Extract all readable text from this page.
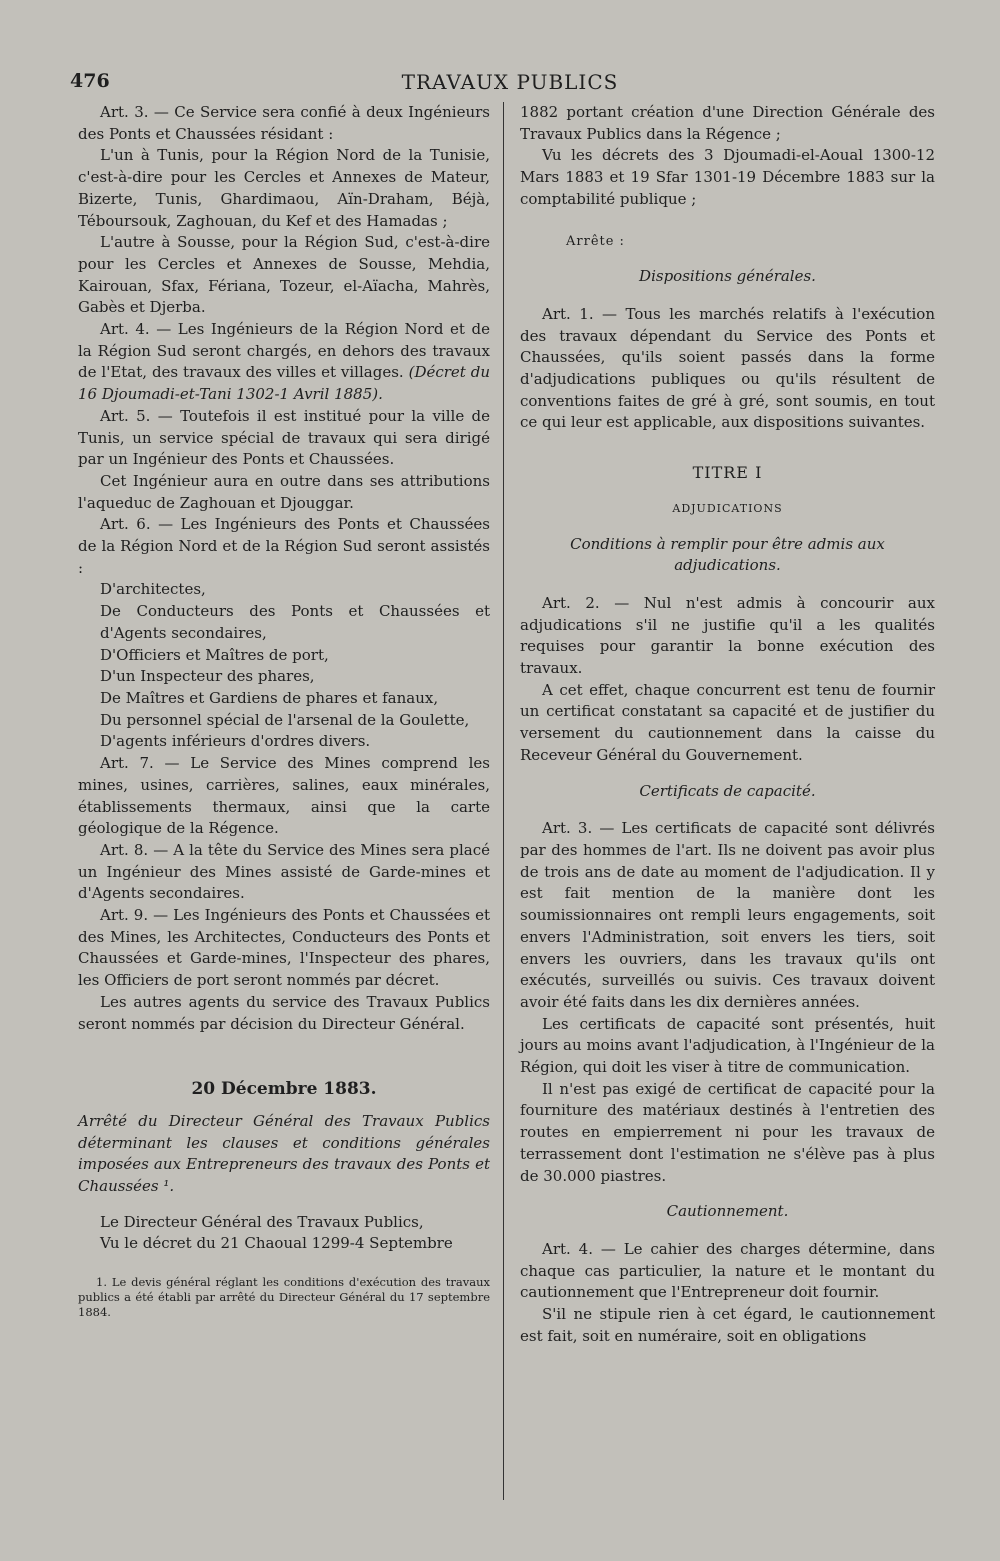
476	TRAVAUX PUBLICS

Art. 3. — Ce Service sera confié à deux Ingénieurs des Ponts et Chaussées résidant :

L'un à Tunis, pour la Région Nord de la Tunisie, c'est-à-dire pour les Cercles et Annexes de Mateur, Bizerte, Tunis, Ghardimaou, Aïn-Draham, Béjà, Téboursouk, Zaghouan, du Kef et des Hamadas ;

L'autre à Sousse, pour la Région Sud, c'est-à-dire pour les Cercles et Annexes de Sousse, Mehdia, Kairouan, Sfax, Fériana, Tozeur, el-Aïacha, Mahrès, Gabès et Djerba.

Art. 4. — Les Ingénieurs de la Région Nord et de la Région Sud seront chargés, en dehors des travaux de l'Etat, des travaux des villes et villages. (Décret du 16 Djoumadi-et-Tani 1302-1 Avril 1885).

Art. 5. — Toutefois il est institué pour la ville de Tunis, un service spécial de travaux qui sera dirigé par un Ingénieur des Ponts et Chaussées.

Cet Ingénieur aura en outre dans ses attributions l'aqueduc de Zaghouan et Djouggar.

Art. 6. — Les Ingénieurs des Ponts et Chaussées de la Région Nord et de la Région Sud seront assistés :

D'architectes,

De Conducteurs des Ponts et Chaussées et d'Agents secondaires,

D'Officiers et Maîtres de port,

D'un Inspecteur des phares,

De Maîtres et Gardiens de phares et fanaux,

Du personnel spécial de l'arsenal de la Goulette,

D'agents inférieurs d'ordres divers.

Art. 7. — Le Service des Mines comprend les mines, usines, carrières, salines, eaux minérales, établissements thermaux, ainsi que la carte géologique de la Régence.

Art. 8. — A la tête du Service des Mines sera placé un Ingénieur des Mines assisté de Garde-mines et d'Agents secondaires.

Art. 9. — Les Ingénieurs des Ponts et Chaussées et des Mines, les Architectes, Conducteurs des Ponts et Chaussées et Garde-mines, l'Inspecteur des phares, les Officiers de port seront nommés par décret.

Les autres agents du service des Travaux Publics seront nommés par décision du Directeur Général.

20 Décembre 1883.

Arrêté du Directeur Général des Travaux Publics déterminant les clauses et conditions générales imposées aux Entrepreneurs des travaux des Ponts et Chaussées ¹.

Le Directeur Général des Travaux Publics,

Vu le décret du 21 Chaoual 1299-4 Septembre

1. Le devis général réglant les conditions d'exécution des travaux publics a été établi par arrêté du Directeur Général du 17 septembre 1884.

1882 portant création d'une Direction Générale des Travaux Publics dans la Régence ;

Vu les décrets des 3 Djoumadi-el-Aoual 1300-12 Mars 1883 et 19 Sfar 1301-19 Décembre 1883 sur la comptabilité publique ;

Arrête :

Dispositions générales.

Art. 1. — Tous les marchés relatifs à l'exécution des travaux dépendant du Service des Ponts et Chaussées, qu'ils soient passés dans la forme d'adjudications publiques ou qu'ils résultent de conventions faites de gré à gré, sont soumis, en tout ce qui leur est applicable, aux dispositions suivantes.

TITRE I

ADJUDICATIONS

Conditions à remplir pour être admis aux adjudications.

Art. 2. — Nul n'est admis à concourir aux adjudications s'il ne justifie qu'il a les qualités requises pour garantir la bonne exécution des travaux.

A cet effet, chaque concurrent est tenu de fournir un certificat constatant sa capacité et de justifier du versement du cautionnement dans la caisse du Receveur Général du Gouvernement.

Certificats de capacité.

Art. 3. — Les certificats de capacité sont délivrés par des hommes de l'art. Ils ne doivent pas avoir plus de trois ans de date au moment de l'adjudication. Il y est fait mention de la manière dont les soumissionnaires ont rempli leurs engagements, soit envers l'Administration, soit envers les tiers, soit envers les ouvriers, dans les travaux qu'ils ont exécutés, surveillés ou suivis. Ces travaux doivent avoir été faits dans les dix dernières années.

Les certificats de capacité sont présentés, huit jours au moins avant l'adjudication, à l'Ingénieur de la Région, qui doit les viser à titre de communication.

Il n'est pas exigé de certificat de capacité pour la fourniture des matériaux destinés à l'entretien des routes en empierrement ni pour les travaux de terrassement dont l'estimation ne s'élève pas à plus de 30.000 piastres.

Cautionnement.

Art. 4. — Le cahier des charges détermine, dans chaque cas particulier, la nature et le montant du cautionnement que l'Entrepreneur doit fournir.

S'il ne stipule rien à cet égard, le cautionnement est fait, soit en numéraire, soit en obligations
